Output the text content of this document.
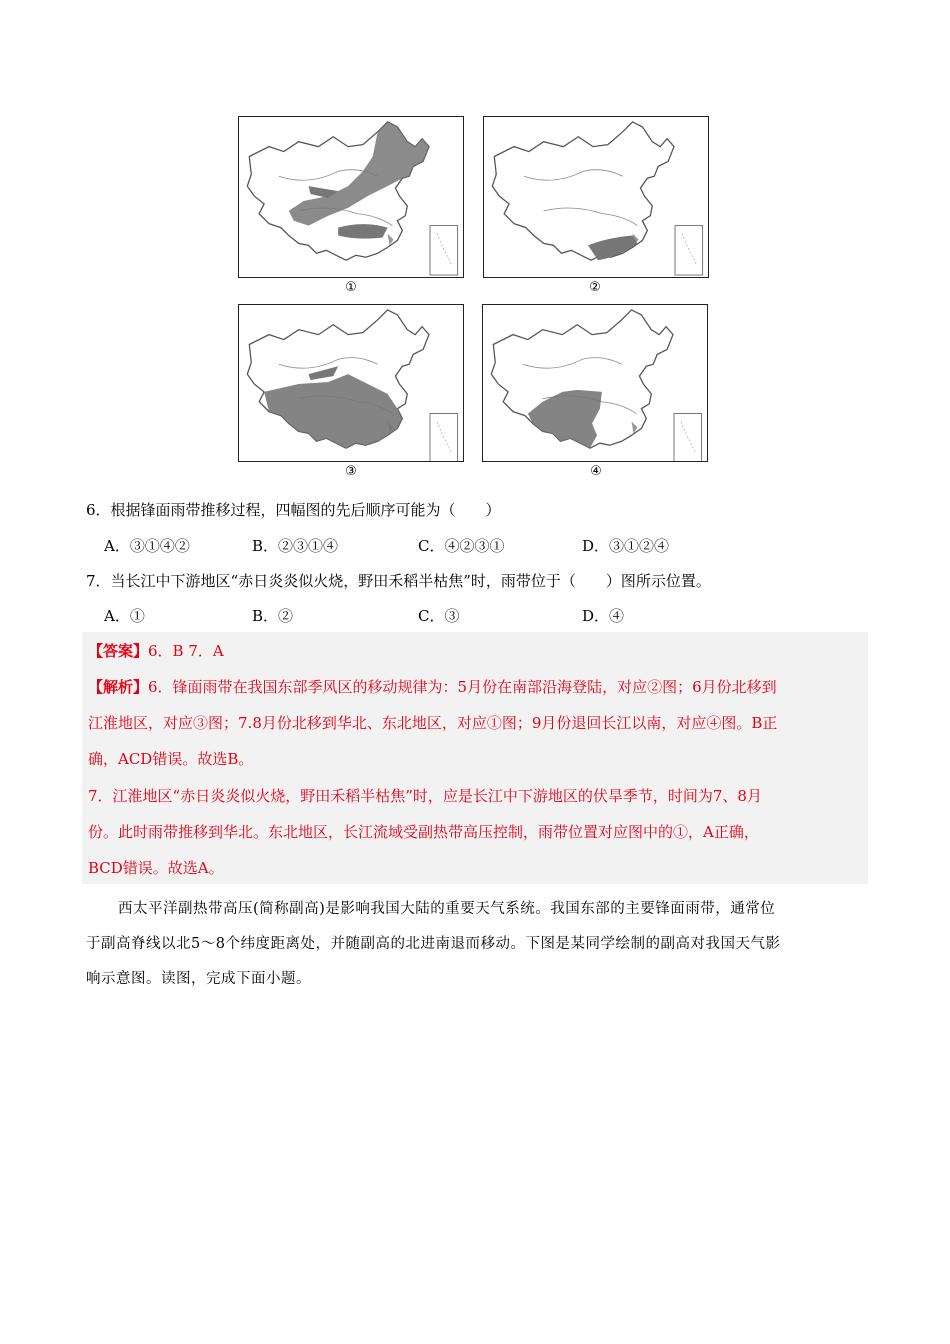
①	②
③	④
6．根据锋面雨带推移过程，四幅图的先后顺序可能为（　　）
A．③①④②	B．②③①④	C．④②③①	D．③①②④
7．当长江中下游地区“赤日炎炎似火烧，野田禾稻半枯焦”时，雨带位于（　　）图所示位置。
A．①	B．②	C．③	D．④
【答案】6．B 7．A
【解析】6．锋面雨带在我国东部季风区的移动规律为：5月份在南部沿海登陆，对应②图；6月份北移到
江淮地区，对应③图；7.8月份北移到华北、东北地区，对应①图；9月份退回长江以南，对应④图。B正
确，ACD错误。故选B。
7．江淮地区“赤日炎炎似火烧，野田禾稻半枯焦”时，应是长江中下游地区的伏旱季节，时间为7、8月
份。此时雨带推移到华北。东北地区，长江流域受副热带高压控制，雨带位置对应图中的①，A正确，
BCD错误。故选A。
西太平洋副热带高压(简称副高)是影响我国大陆的重要天气系统。我国东部的主要锋面雨带，通常位
于副高脊线以北5～8个纬度距离处，并随副高的北进南退而移动。下图是某同学绘制的副高对我国天气影
响示意图。读图，完成下面小题。
